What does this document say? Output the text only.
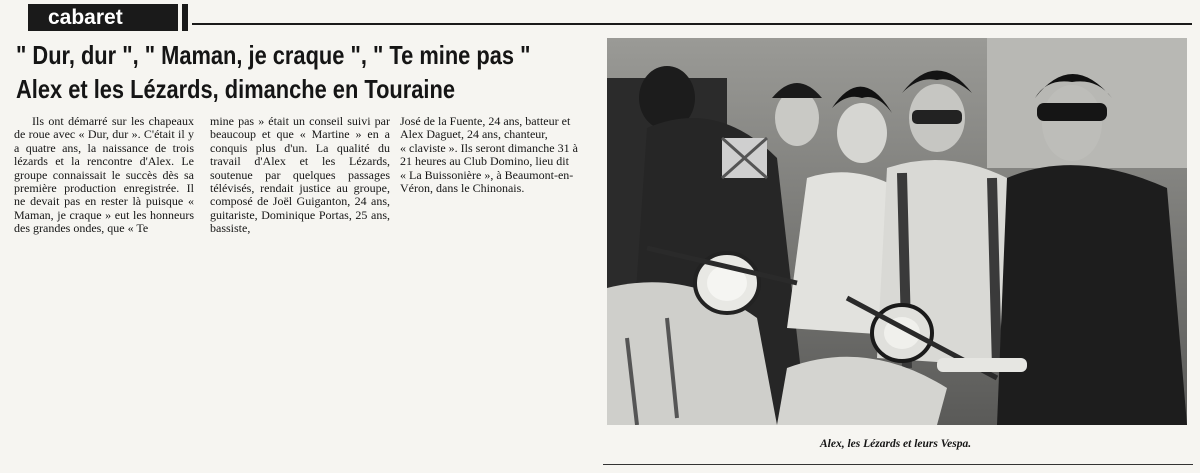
cabaret
" Dur, dur ", " Maman, je craque ", " Te mine pas "
Alex et les Lézards, dimanche en Touraine

Ils ont démarré sur les chapeaux de roue avec « Dur, dur ». C'était il y a quatre ans, la naissance de trois lézards et la rencontre d'Alex. Le groupe connaissait le succès dès sa première production enregistrée. Il ne devait pas en rester là puisque « Maman, je craque » eut les honneurs des grandes ondes, que « Te

mine pas » était un conseil suivi par beaucoup et que « Martine » en a conquis plus d'un. La qualité du travail d'Alex et les Lézards, soutenue par quelques passages télévisés, rendait justice au groupe, composé de Joël Guiganton, 24 ans, guitariste, Dominique Portas, 25 ans, bassiste,

José de la Fuente, 24 ans, batteur et
Alex Daguet, 24 ans, chanteur,
« claviste ». Ils seront dimanche 31 à
21 heures au Club Domino, lieu dit
« La Buissonière », à Beaumont-en-
Véron, dans le Chinonais.
Alex, les Lézards et leurs Vespa.
